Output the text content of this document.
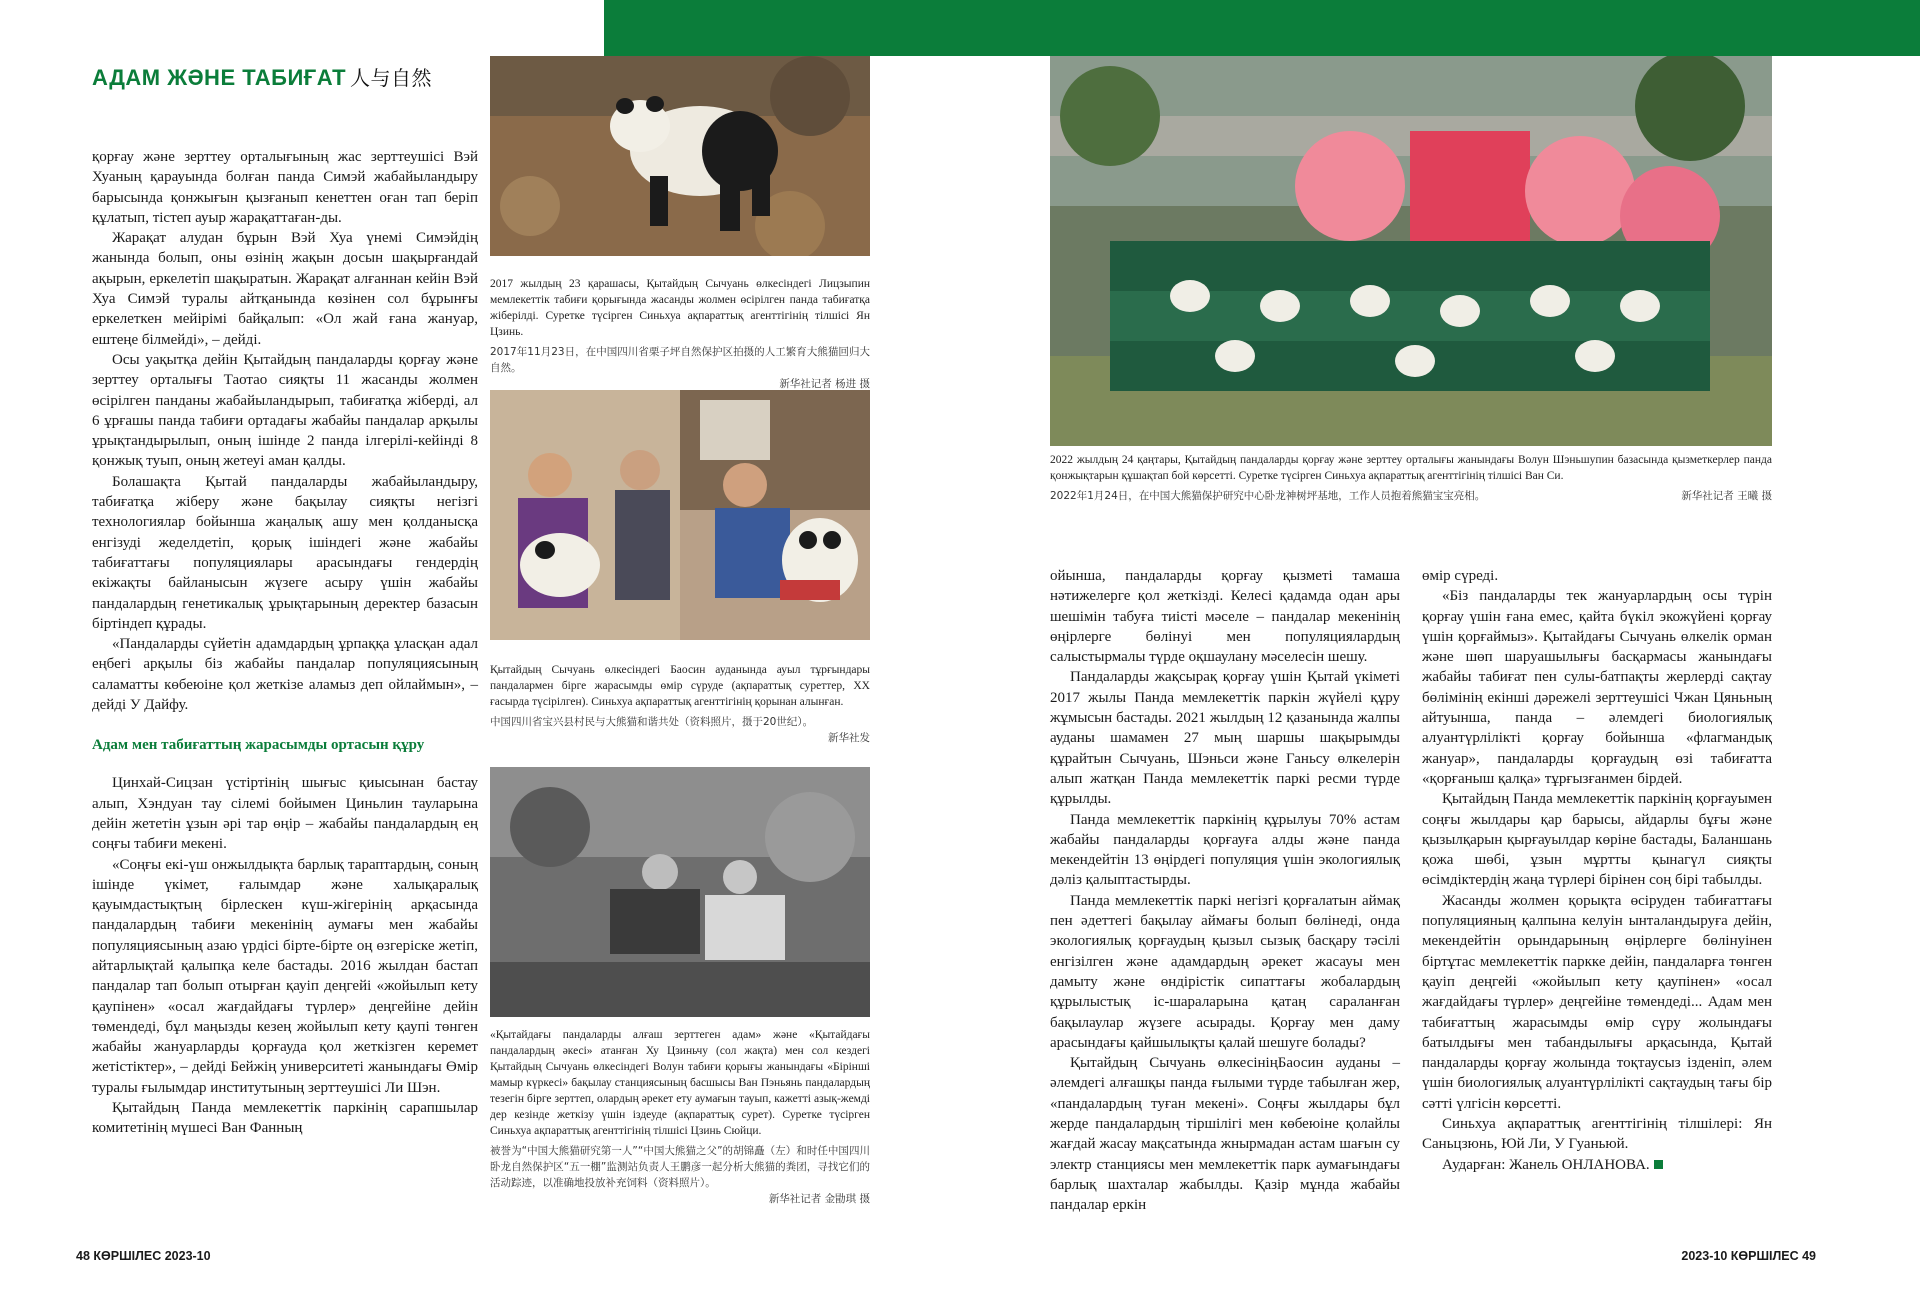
АДАМ ЖӘНЕ ТАБИҒАТ 人与自然

қорғау және зерттеу орталығының жас зерттеушісі Вэй Хуаның қарауында болған панда Симэй жабайыландыру барысында қонжығын қызғанып кенеттен оған тап беріп құлатып, тістеп ауыр жарақаттаған-ды.

Жарақат алудан бұрын Вэй Хуа үнемі Симэйдің жанында болып, оны өзінің жақын досын шақырғандай ақырын, еркелетіп шақыратын. Жарақат алғаннан кейін Вэй Хуа Симэй туралы айтқанында көзінен сол бұрынғы еркелеткен мейірімі байқалып: «Ол жай ғана жануар, ештеңе білмейді», – дейді.

Осы уақытқа дейін Қытайдың пандаларды қорғау және зерттеу орталығы Таотао сияқты 11 жасанды жолмен өсірілген панданы жабайыландырып, табиғатқа жіберді, ал 6 ұрғашы панда табиғи ортадағы жабайы пандалар арқылы ұрықтандырылып, оның ішінде 2 панда ілгерілі-кейінді 8 қонжық туып, оның жетеуі аман қалды.

Болашақта Қытай пандаларды жабайыландыру, табиғатқа жіберу және бақылау сияқты негізгі технологиялар бойынша жаңалық ашу мен қолданысқа енгізуді жеделдетіп, қорық ішіндегі және жабайы табиғаттағы популяциялары арасындағы гендердің екіжақты байланысын жүзеге асыру үшін жабайы пандалардың генетикалық ұрықтарының деректер базасын біртіндеп құрады.

«Пандаларды сүйетін адамдардың ұрпаққа ұласқан адал еңбегі арқылы біз жабайы пандалар популяциясының саламатты көбеюіне қол жеткізе аламыз деп ойлаймын», – дейді У Дайфу.

Адам мен табиғаттың жарасымды ортасын құру

Цинхай-Сицзан үстіртінің шығыс қиысынан бастау алып, Хэндуан тау сілемі бойымен Циньлин тауларына дейін жететін ұзын әрі тар өңір – жабайы пандалардың ең соңғы табиғи мекені.

«Соңғы екі-үш онжылдықта барлық тараптардың, соның ішінде үкімет, ғалымдар және халықаралық қауымдастықтың бірлескен күш-жігерінің арқасында пандалардың табиғи мекенінің аумағы мен жабайы популяциясының азаю үрдісі біртe-біртe оң өзгеріске жетіп, айтарлықтай қалыпқа келе бастады. 2016 жылдан бастап пандалар тап болып отырған қауіп деңгейі «жойылып кету қаупінен» «осал жағдайдағы түрлер» деңгейіне дейін төмендеді, бұл маңызды кезең жойылып кету қаупі төнген жабайы жануарларды қорғауда қол жеткізген керемет жетістіктер», – дейді Бейжің университеті жанындағы Өмір туралы ғылымдар институтының зерттеушісі Ли Шэн.

Қытайдың Панда мемлекеттік паркінің сарапшылар комитетінің мүшесі Ван Фанның

2017 жылдың 23 қарашасы, Қытайдың Сычуань өлкесіндегі Лицзыпин мемлекеттік табиғи қорығында жасанды жолмен өсірілген панда табиғатқа жіберілді. Суретке түсірген Синьхуа ақпараттық агенттігінің тілшісі Ян Цзинь.

2017年11月23日，在中国四川省栗子坪自然保护区拍摄的人工繁育大熊猫回归大自然。

新华社记者 杨进 摄

Қытайдың Сычуань өлкесіндегі Баосин ауданында ауыл тұрғындары пандалармен бірге жарасымды өмір сүруде (ақпараттық суреттер, ХХ ғасырда түсірілген). Синьхуа ақпараттық агенттігінің қорынан алынған.

中国四川省宝兴县村民与大熊猫和谐共处（资料照片，摄于20世纪）。

新华社发

«Қытайдағы пандаларды алғаш зерттеген адам» және «Қытайдағы пандалардың әкесі» атанған Ху Цзиньчу (сол жақта) мен сол кездегі Қытайдың Сычуань өлкесіндегі Волун табиғи қорығы жанындағы «Бірінші мамыр күркесі» бақылау станциясының басшысы Ван Пэньянь пандалардың тезегін бірге зерттеп, олардың әрекет ету аумағын тауып, кажетті азық-жемді дер кезінде жеткізу үшін іздеуде (ақпараттық сурет). Суретке түсірген Синьхуа ақпараттық агенттігінің тілшісі Цзинь Сюйци.

被誉为“中国大熊猫研究第一人”“中国大熊猫之父”的胡锦矗（左）和时任中国四川卧龙自然保护区“五一棚”监测站负责人王鹏彦一起分析大熊猫的粪团，寻找它们的活动踪迹，以准确地投放补充饲料（资料照片）。

新华社记者 金勖琪 摄

2022 жылдың 24 қаңтары, Қытайдың пандаларды қорғау және зерттеу орталығы жанындағы Волун Шэньшупин базасында қызметкерлер панда қонжықтарын құшақтап бой көрсетті. Суретке түсірген Синьхуа ақпараттық агенттігінің тілшісі Ван Си.

2022年1月24日，在中国大熊猫保护研究中心卧龙神树坪基地，工作人员抱着熊猫宝宝亮相。	新华社记者 王曦 摄

ойынша, пандаларды қорғау қызметі тамаша нәтижелерге қол жеткізді. Келесі қадамда одан ары шешімін табуға тиісті мәселе – пандалар мекенінің өңірлерге бөлінуі мен популяциялардың салыстырмалы түрде оқшаулану мәселесін шешу.

Пандаларды жақсырақ қорғау үшін Қытай үкіметі 2017 жылы Панда мемлекеттік паркін жүйелі құру жұмысын бастады. 2021 жылдың 12 қазанында жалпы ауданы шамамен 27 мың шаршы шақырымды құрайтын Сычуань, Шэньси және Ганьсу өлкелерін алып жатқан Панда мемлекеттік паркі ресми түрде құрылды.

Панда мемлекеттік паркінің құрылуы 70% астам жабайы пандаларды қорғауға алды және панда мекендейтін 13 өңірдегі популяция үшін экологиялық дәліз қалыптастырды.

Панда мемлекеттік паркі негізгі қорғалатын аймақ пен әдеттегі бақылау аймағы болып бөлінеді, онда экологиялық қорғаудың қызыл сызық басқару тәсілі енгізілген және адамдардың әрекет жасауы мен дамыту және өндірістік сипаттағы жобалардың құрылыстық іс-шараларына қатаң сараланған бақылаулар жүзеге асырады. Қорғау мен даму арасындағы қайшылықты қалай шешуге болады?

Қытайдың Сычуань өлкесініңБаосин ауданы – әлемдегі алғашқы панда ғылыми түрде табылған жер, «пандалардың туған мекені». Соңғы жылдары бұл жерде пандалардың тіршілігі мен көбеюіне қолайлы жағдай жасау мақсатында жнырмадан астам шағын су электр станциясы мен мемлекеттік парк аумағындағы барлық шахталар жабылды. Қазір мұнда жабайы пандалар еркін

өмір сүреді.

«Біз пандаларды тек жануарлардың осы түрін қорғау үшін ғана емес, қайта бүкіл экожүйені қорғау үшін қорғаймыз». Қытайдағы Сычуань өлкелік орман және шөп шаруашылығы басқармасы жанындағы жабайы табиғат пен сулы-батпақты жерлерді сақтау бөлімінің екінші дәрежелі зерттеушісі Чжан Цяньның айтуынша, панда – әлемдегі биологиялық алуантүрлілікті қорғау бойынша «флагмандық жануар», пандаларды қорғаудың өзі табиғатта «қорғаныш қалқа» тұрғызғанмен бірдей.

Қытайдың Панда мемлекеттік паркінің қорғауымен соңғы жылдары қар барысы, айдарлы бұғы және қызылқарын қырғауылдар көріне бастады, Баланшань қожа шөбі, ұзын мұртты қынагүл сияқты өсімдіктердің жаңа түрлері бірінен соң бірі табылды.

Жасанды жолмен қорықта өсіруден табиғаттағы популяцияның қалпына келуін ынталандыруға дейін, мекендейтін орындарының өңірлерге бөлінуінен біртұтас мемлекеттік паркке дейін, пандаларға төнген қауіп деңгейі «жойылып кету қаупінен» «осал жағдайдағы түрлер» деңгейіне төмендеді... Адам мен табиғаттың жарасымды өмір сүру жолындағы батылдығы мен табандылығы арқасында, Қытай пандаларды қорғау жолында тоқтаусыз ізденіп, әлем үшін биологиялық алуантүрлілікті сақтаудың тағы бір сәтті үлгісін көрсетті.

Синьхуа ақпараттық агенттігінің тілшілері: Ян Саньцзюнь, Юй Ли, У Гуаньюй.

Аударған: Жанель ОНЛАНОВА.

48 КӨРШІЛЕС 2023-10	2023-10 КӨРШІЛЕС 49
